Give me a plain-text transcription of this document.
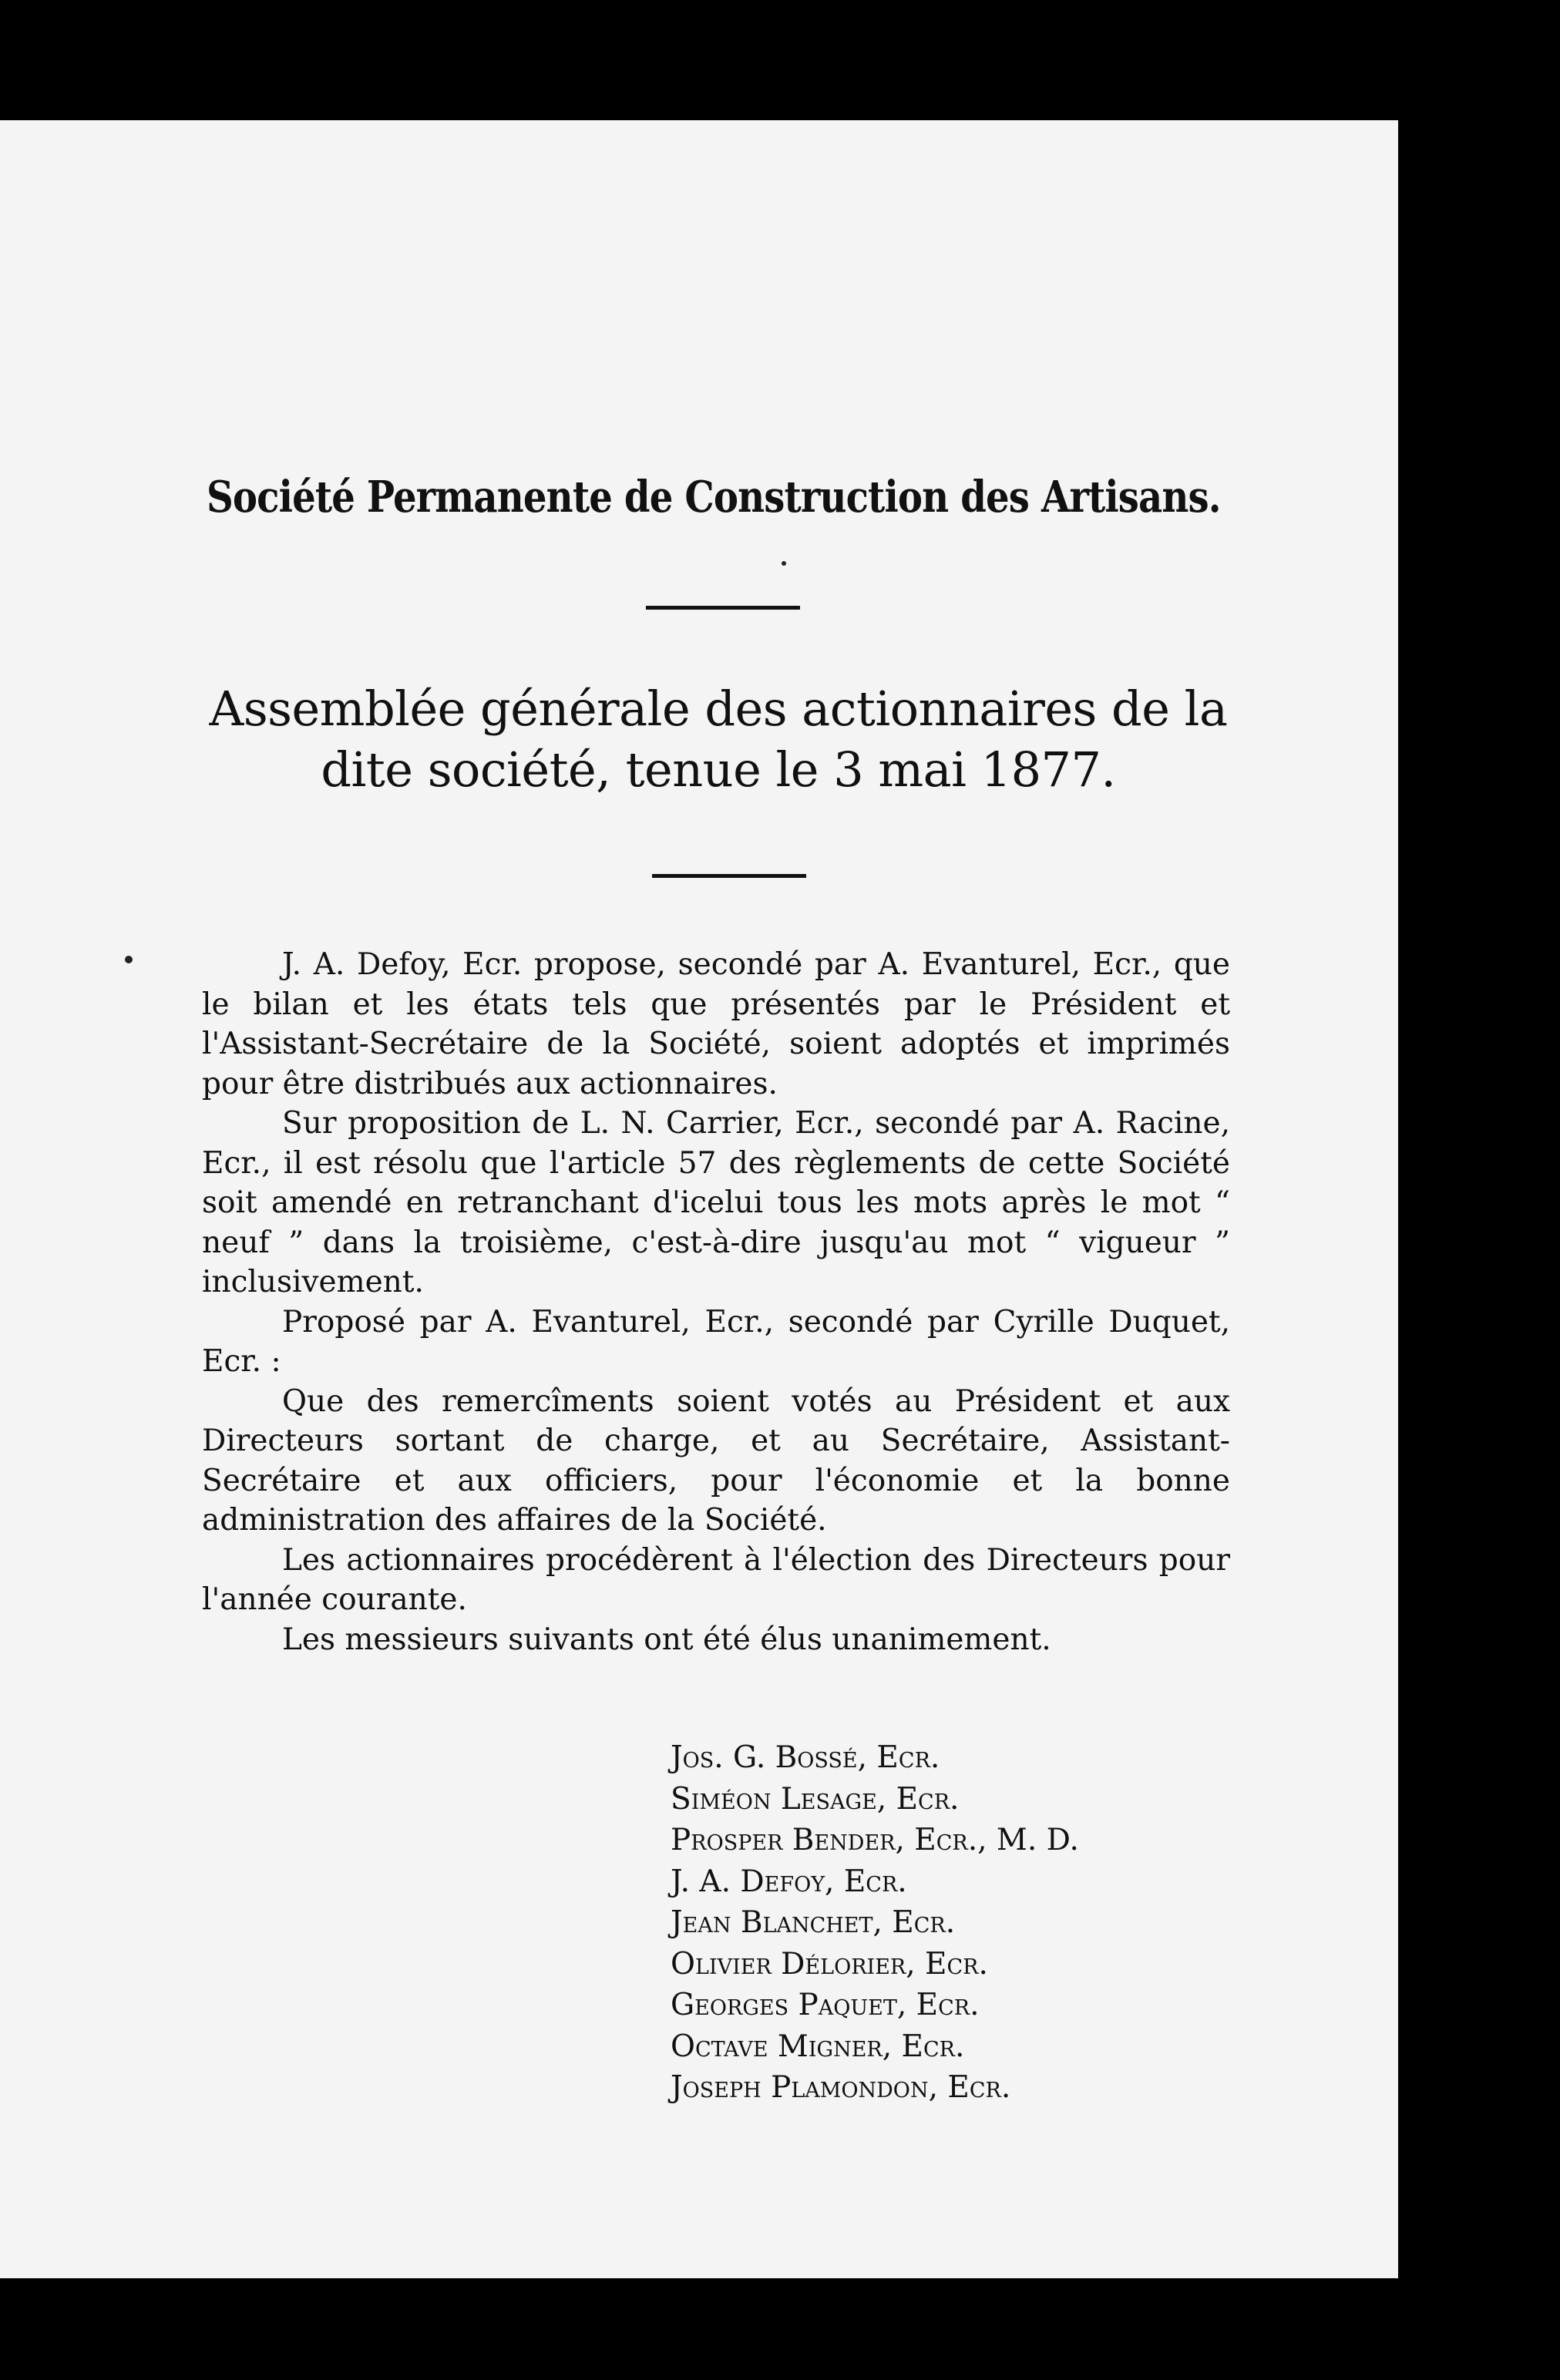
Société Permanente de Construction des Artisans.
Assemblée générale des actionnaires de la dite société, tenue le 3 mai 1877.

J. A. Defoy, Ecr. propose, secondé par A. Evanturel, Ecr., que le bilan et les états tels que présentés par le Président et l'Assistant-Secrétaire de la Société, soient adoptés et imprimés pour être distribués aux actionnaires.

Sur proposition de L. N. Carrier, Ecr., secondé par A. Racine, Ecr., il est résolu que l'article 57 des règlements de cette Société soit amendé en retranchant d'icelui tous les mots après le mot “ neuf ” dans la troisième, c'est-à-dire jusqu'au mot “ vigueur ” inclusivement.

Proposé par A. Evanturel, Ecr., secondé par Cyrille Duquet, Ecr. :

Que des remercîments soient votés au Président et aux Directeurs sortant de charge, et au Secrétaire, Assistant-Secrétaire et aux officiers, pour l'économie et la bonne administration des affaires de la Société.

Les actionnaires procédèrent à l'élection des Directeurs pour l'année courante.

Les messieurs suivants ont été élus unanimement.

Jos. G. Bossé, Ecr.
Siméon Lesage, Ecr.
Prosper Bender, Ecr., M. D.
J. A. Defoy, Ecr.
Jean Blanchet, Ecr.
Olivier Délorier, Ecr.
Georges Paquet, Ecr.
Octave Migner, Ecr.
Joseph Plamondon, Ecr.
